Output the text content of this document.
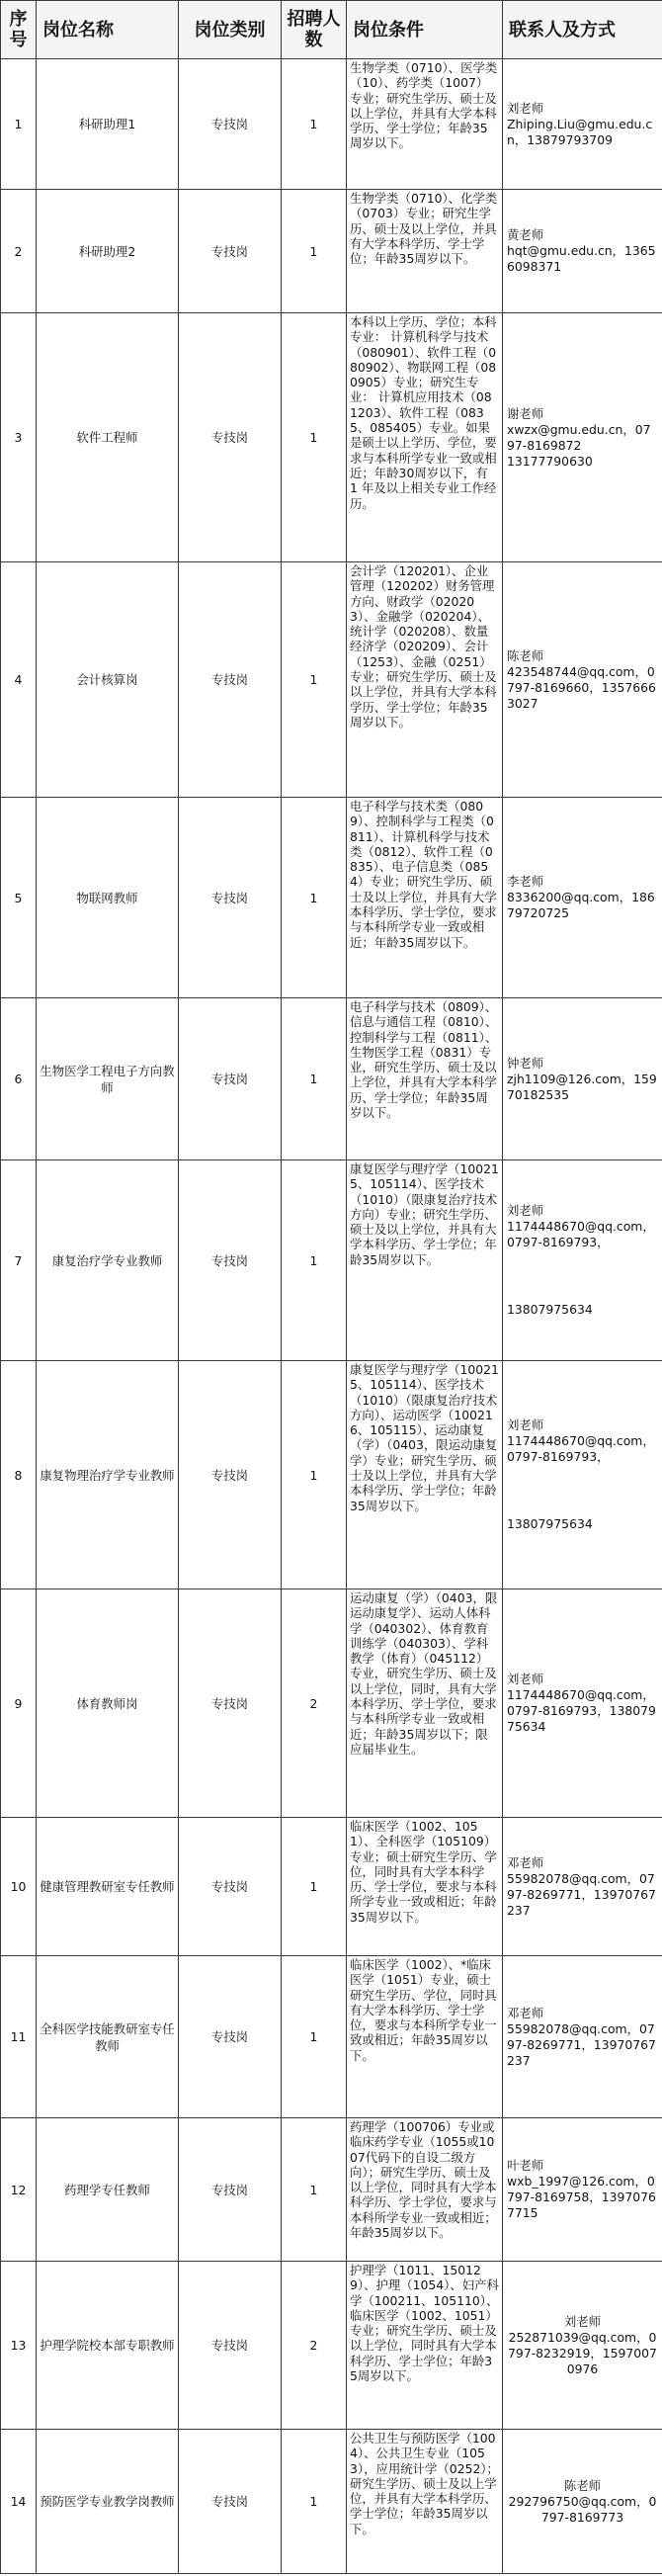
序号	岗位名称	岗位类别	招聘人数	岗位条件	联系人及方式
1	科研助理1	专技岗	1	生物学类（0710）、医学类（10）、药学类（1007）专业；研究生学历、硕士及以上学位，并具有大学本科学历、学士学位；年龄35周岁以下。	刘老师
Zhiping.Liu@gmu.edu.cn，13879793709
2	科研助理2	专技岗	1	生物学类（0710）、化学类（0703）专业；研究生学历、硕士及以上学位，并具有大学本科学历、学士学位；年龄35周岁以下。	黄老师
hqt@gmu.edu.cn，13656098371
3	软件工程师	专技岗	1	本科以上学历、学位；本科专业： 计算机科学与技术（080901）、软件工程（080902）、物联网工程（080905）专业；研究生专业： 计算机应用技术（081203）、软件工程（0835、085405）专业。如果是硕士以上学历、学位，要求与本科所学专业一致或相近；年龄30周岁以下，有 1 年及以上相关专业工作经历。	谢老师
xwzx@gmu.edu.cn，0797-8169872
13177790630
4	会计核算岗	专技岗	1	会计学（120201）、企业管理（120202）财务管理方向、财政学（020203）、金融学（020204）、统计学（020208）、数量经济学（020209）、会计（1253）、金融（0251）专业；研究生学历、硕士及以上学位，并具有大学本科学历、学士学位；年龄35周岁以下。	陈老师
423548744@qq.com，0797-8169660，13576663027
5	物联网教师	专技岗	1	电子科学与技术类（0809）、控制科学与工程类（0811）、计算机科学与技术类（0812）、软件工程（0835）、电子信息类（0854）专业；研究生学历、硕士及以上学位，并具有大学本科学历、学士学位，要求与本科所学专业一致或相近；年龄35周岁以下。	李老师
8336200@qq.com，18679720725
6	生物医学工程电子方向教师	专技岗	1	电子科学与技术（0809）、信息与通信工程（0810）、控制科学与工程（0811）、生物医学工程（0831）专业，研究生学历、硕士及以上学位，并具有大学本科学历、学士学位；年龄35周岁以下。	钟老师
zjh1109@126.com，15970182535
7	康复治疗学专业教师	专技岗	1	康复医学与理疗学（100215、105114）、医学技术（1010）（限康复治疗技术方向）专业；研究生学历、硕士及以上学位，并具有大学本科学历、学士学位；年龄35周岁以下。	刘老师
1174448670@qq.com，0797-8169793，
13807975634

8	康复物理治疗学专业教师	专技岗	1	康复医学与理疗学（100215、105114）、医学技术（1010）（限康复治疗技术方向）、运动医学（100216、105115）、运动康复（学）（0403，限运动康复学）专业；研究生学历、硕士及以上学位，并具有大学本科学历、学士学位；年龄35周岁以下。	刘老师
1174448670@qq.com，0797-8169793，
13807975634

9	体育教师岗	专技岗	2	运动康复（学）（0403，限运动康复学）、运动人体科学（040302）、体育教育训练学（040303）、学科教学（体育）（045112）专业，研究生学历、硕士及以上学位，同时，具有大学本科学历、学士学位，要求与本科所学专业一致或相近；年龄35周岁以下；限应届毕业生。	刘老师
1174448670@qq.com，0797-8169793，13807975634
10	健康管理教研室专任教师	专技岗	1	临床医学（1002、1051）、全科医学（105109）专业；硕士研究生学历、学位，同时具有大学本科学历、学士学位，要求与本科所学专业一致或相近；年龄35周岁以下。	邓老师
55982078@qq.com，0797-8269771，13970767237
11	全科医学技能教研室专任教师	专技岗	1	临床医学（1002）、*临床医学（1051）专业，硕士研究生学历、学位，同时具有大学本科学历、学士学位，要求与本科所学专业一致或相近；年龄35周岁以下。	邓老师
55982078@qq.com，0797-8269771，13970767237
12	药理学专任教师	专技岗	1	药理学（100706）专业或 临床药学专业（1055或1007代码下的自设二级方向）；研究生学历、硕士及以上学位，同时具有大学本科学历、学士学位，要求与本科所学专业一致或相近；年龄35周岁以下。	叶老师
wxb_1997@126.com，0797-8169758，13970767715
13	护理学院校本部专职教师	专技岗	2	护理学（1011、150129）、护理（1054）、妇产科学（100211、105110）、临床医学（1002、1051）专业；研究生学历、硕士及以上学位，同时具有大学本科学历、学士学位；年龄35周岁以下。	刘老师
252871039@qq.com，0797-8232919，15970070976
14	预防医学专业教学岗教师	专技岗	1	公共卫生与预防医学（1004）、公共卫生专业（1053），应用统计学（0252）；研究生学历、硕士及以上学位，并具有大学本科学历、学士学位；年龄35周岁以下。	陈老师
292796750@qq.com，0797-8169773
